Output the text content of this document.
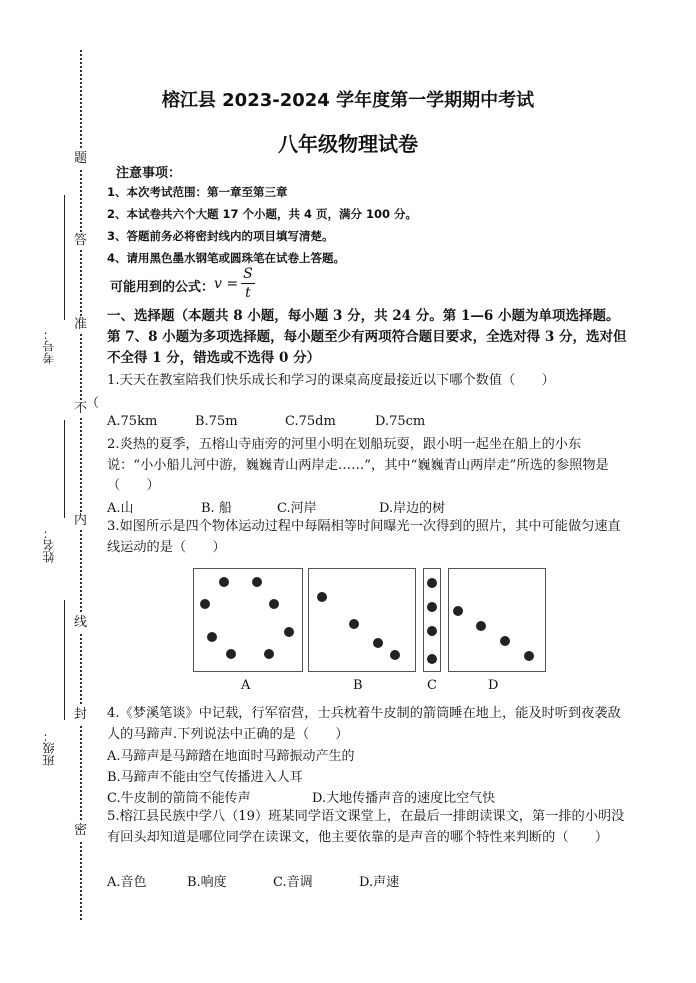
题
答
准
不
内
线
封
密
考号：
姓名：
班级：
（
榕江县 2023-2024 学年度第一学期期中考试
八年级物理试卷
注意事项：
1、本次考试范围：第一章至第三章
2、本试卷共六个大题 17 个小题，共 4 页，满分 100 分。
3、答题前务必将密封线内的项目填写清楚。
4、请用黑色墨水钢笔或圆珠笔在试卷上答题。
可能用到的公式： $v = \frac{S}{t}$
一、选择题（本题共 8 小题，每小题 3 分，共 24 分。第 1—6 小题为单项选择题。第 7、8 小题为多项选择题，每小题至少有两项符合题目要求，全选对得 3 分，选对但不全得 1 分，错选或不选得 0 分）
1.天天在教室陪我们快乐成长和学习的课桌高度最接近以下哪个数值（　　）
A.75km	B.75m	C.75dm	D.75cm
2.炎热的夏季，五榕山寺庙旁的河里小明在划船玩耍，跟小明一起坐在船上的小东说：“小小船儿河中游，巍巍青山两岸走……”，其中“巍巍青山两岸走”所选的参照物是（　　）
A.山	B. 船	C.河岸	D.岸边的树
3.如图所示是四个物体运动过程中每隔相等时间曝光一次得到的照片，其中可能做匀速直线运动的是（　　）
A	B	C	D
4.《梦溪笔谈》中记载，行军宿营，士兵枕着牛皮制的箭筒睡在地上，能及时听到夜袭敌人的马蹄声.下列说法中正确的是（　　）
A.马蹄声是马蹄踏在地面时马蹄振动产生的
B.马蹄声不能由空气传播进入人耳
C.牛皮制的箭筒不能传声	D.大地传播声音的速度比空气快
5.榕江县民族中学八（19）班某同学语文课堂上，在最后一排朗读课文，第一排的小明没有回头却知道是哪位同学在读课文，他主要依靠的是声音的哪个特性来判断的（　　）
A.音色	B.响度	C.音调	D.声速
